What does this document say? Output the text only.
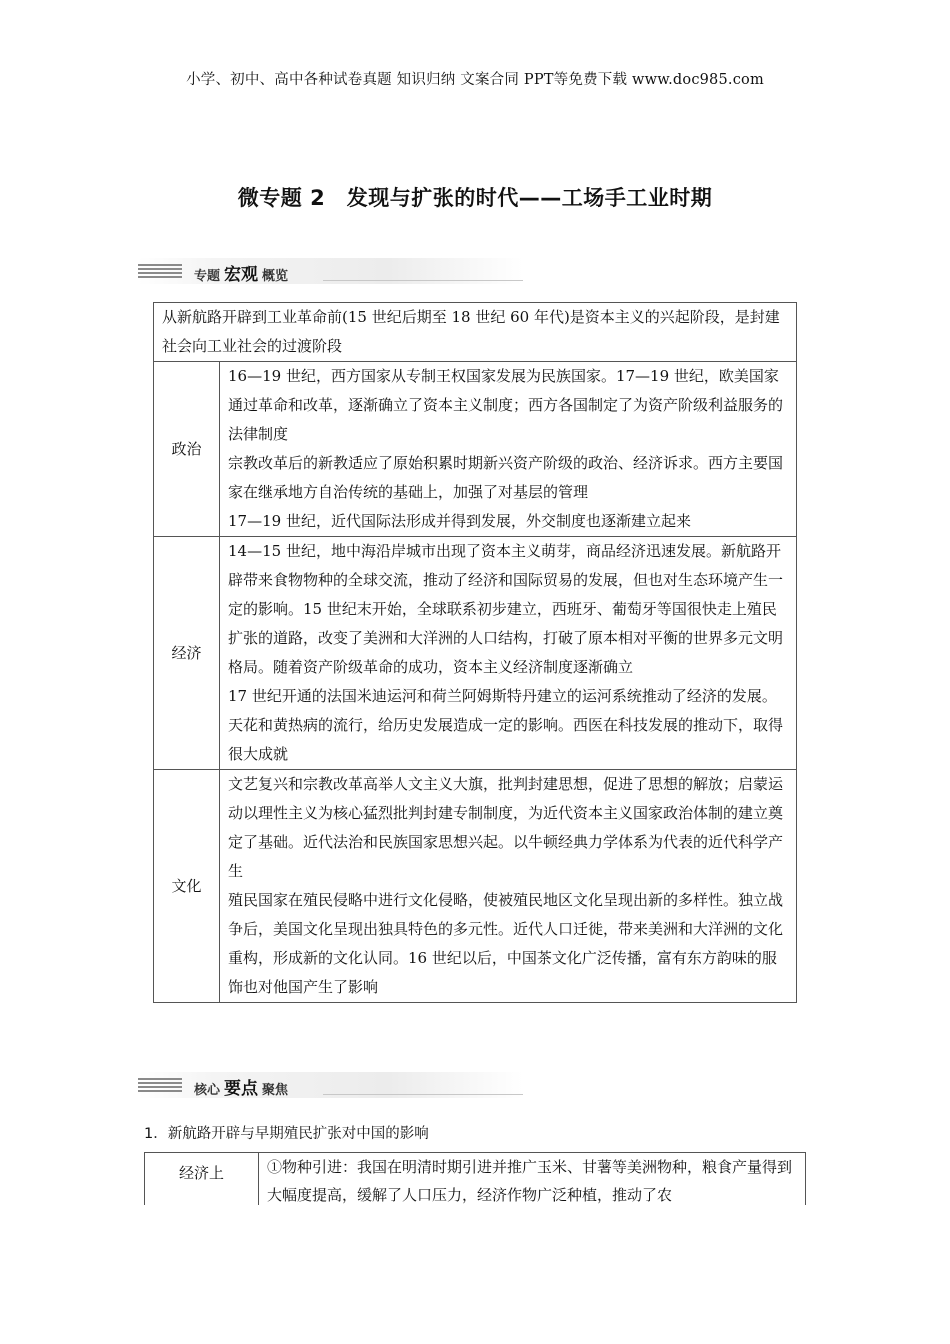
小学、初中、高中各种试卷真题 知识归纳 文案合同 PPT等免费下载 www.doc985.com
微专题 2　发现与扩张的时代——工场手工业时期
专题 宏观 概览
从新航路开辟到工业革命前(15 世纪后期至 18 世纪 60 年代)是资本主义的兴起阶段，是封建社会向工业社会的过渡阶段	
政治	16—19 世纪，西方国家从专制王权国家发展为民族国家。17—19 世纪，欧美国家通过革命和改革，逐渐确立了资本主义制度；西方各国制定了为资产阶级利益服务的法律制度
宗教改革后的新教适应了原始积累时期新兴资产阶级的政治、经济诉求。西方主要国家在继承地方自治传统的基础上，加强了对基层的管理
17—19 世纪，近代国际法形成并得到发展，外交制度也逐渐建立起来

经济	14—15 世纪，地中海沿岸城市出现了资本主义萌芽，商品经济迅速发展。新航路开辟带来食物物种的全球交流，推动了经济和国际贸易的发展，但也对生态环境产生一定的影响。15 世纪末开始，全球联系初步建立，西班牙、葡萄牙等国很快走上殖民扩张的道路，改变了美洲和大洋洲的人口结构，打破了原本相对平衡的世界多元文明格局。随着资产阶级革命的成功，资本主义经济制度逐渐确立
17 世纪开通的法国米迪运河和荷兰阿姆斯特丹建立的运河系统推动了经济的发展。天花和黄热病的流行，给历史发展造成一定的影响。西医在科技发展的推动下，取得很大成就

文化	文艺复兴和宗教改革高举人文主义大旗，批判封建思想，促进了思想的解放；启蒙运动以理性主义为核心猛烈批判封建专制制度，为近代资本主义国家政治体制的建立奠定了基础。近代法治和民族国家思想兴起。以牛顿经典力学体系为代表的近代科学产生
殖民国家在殖民侵略中进行文化侵略，使被殖民地区文化呈现出新的多样性。独立战争后，美国文化呈现出独具特色的多元性。近代人口迁徙，带来美洲和大洋洲的文化重构，形成新的文化认同。16 世纪以后，中国茶文化广泛传播，富有东方韵味的服饰也对他国产生了影响
核心 要点 聚焦
1．新航路开辟与早期殖民扩张对中国的影响
经济上	①物种引进：我国在明清时期引进并推广玉米、甘薯等美洲物种，粮食产量得到大幅度提高，缓解了人口压力，经济作物广泛种植，推动了农
